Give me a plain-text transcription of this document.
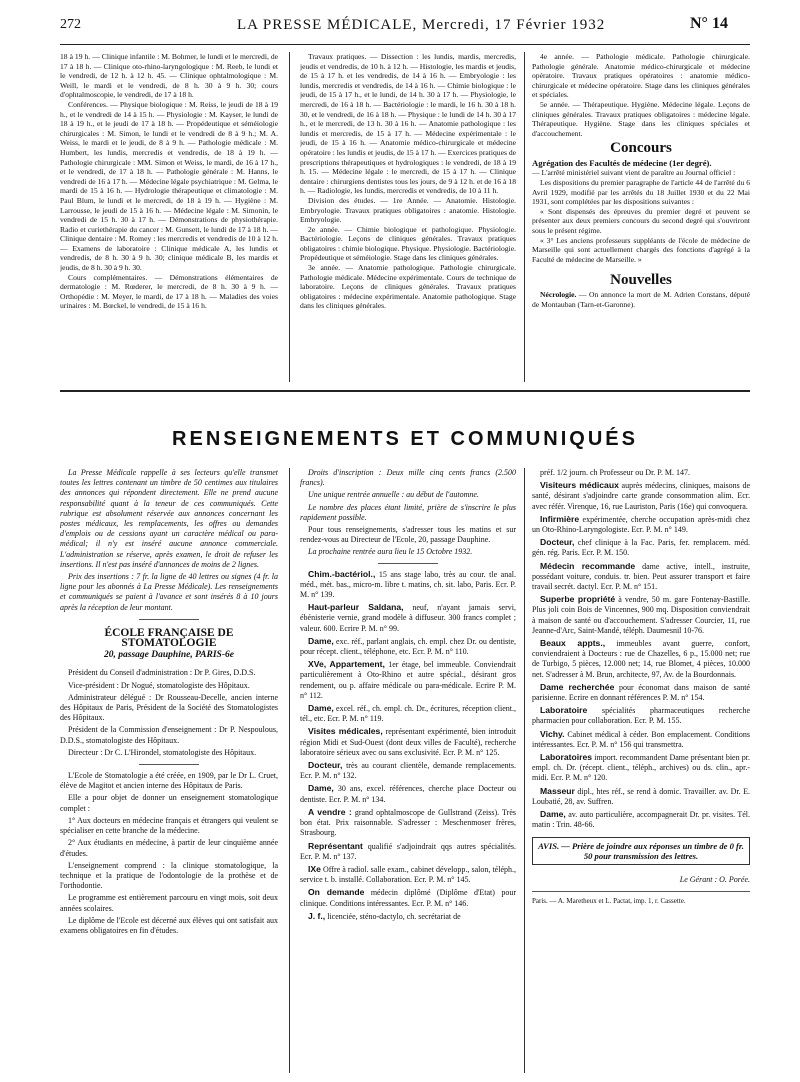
272	LA PRESSE MÉDICALE, Mercredi, 17 Février 1932	N° 14

18 à 19 h. — Clinique infantile : M. Bohmer, le lundi et le mercredi, de 17 à 18 h. — Clinique oto-rhino-laryngologique : M. Reeb, le lundi et le vendredi, de 12 h. à 12 h. 45. — Clinique ophtalmologique : M. Weill, le mardi et le vendredi, de 8 h. 30 à 9 h. 30; cours d'ophtalmoscopie, le vendredi, de 17 à 18 h.

Conférences. — Physique biologique : M. Reiss, le jeudi de 18 à 19 h., et le vendredi de 14 à 15 h. — Physiologie : M. Kayser, le lundi de 18 à 19 h., et le jeudi de 17 à 18 h. — Propédeutique et séméiologie chirurgicales : M. Simon, le lundi et le vendredi de 8 à 9 h.; M. A. Weiss, le mardi et le jeudi, de 8 à 9 h. — Pathologie médicale : M. Humbert, les lundis, mercredis et vendredis, de 18 à 19 h. — Pathologie chirurgicale : MM. Simon et Weiss, le mardi, de 16 à 17 h., et le vendredi, de 17 à 18 h. — Pathologie générale : M. Hanns, le vendredi de 16 à 17 h. — Médecine légale psychiatrique : M. Gelma, le mardi de 15 à 16 h. — Hydrologie thérapeutique et climatologie : M. Paul Blum, le lundi et le mercredi, de 18 à 19 h. — Hygiène : M. Larrousse, le jeudi de 15 à 16 h. — Médecine légale : M. Simonin, le vendredi de 15 h. 30 à 17 h. — Démonstrations de physiothérapie. Radio et curiethérapie du cancer : M. Gunsett, le lundi de 17 à 18 h. — Clinique dentaire : M. Romey : les mercredis et vendredis de 10 à 12 h. — Examens de laboratoire : Clinique médicale A, les lundis et vendredis, de 8 h. 30 à 9 h. 30; clinique médicale B, les mardis et jeudis, de 8 h. 30 à 9 h. 30.

Cours complémentaires. — Démonstrations élémentaires de dermatologie : M. Rœderer, le mercredi, de 8 h. 30 à 9 h. — Orthopédie : M. Meyer, le mardi, de 17 à 18 h. — Maladies des voies urinaires : M. Bœckel, le vendredi, de 15 à 16 h.

Travaux pratiques. — Dissection : les lundis, mardis, mercredis, jeudis et vendredis, de 10 h. à 12 h. — Histologie, les mardis et jeudis, de 15 à 17 h. et les vendredis, de 14 à 16 h. — Embryologie : les lundis, mercredis et vendredis, de 14 à 16 h. — Chimie biologique : le jeudi, de 15 à 17 h., et le lundi, de 14 h. 30 à 17 h. — Physiologie, le mercredi, de 16 à 18 h. — Bactériologie : le mardi, le 16 h. 30 à 18 h. 30, et le vendredi, de 16 à 18 h. — Physique : le lundi de 14 h. 30 à 17 h., et le mercredi, de 13 h. 30 à 16 h. — Anatomie pathologique : les lundis et mercredis, de 15 à 17 h. — Médecine expérimentale : le jeudi, de 15 à 16 h. — Anatomie médico-chirurgicale et médecine opératoire : les lundis et jeudis, de 15 à 17 h. — Exercices pratiques de prescriptions thérapeutiques et hydrologiques : le vendredi, de 18 à 19 h. 15. — Médecine légale : le mercredi, de 15 à 17 h. — Clinique dentaire : chirurgiens dentistes tous les jours, de 9 à 12 h. et de 16 à 18 h. — Radiologie, les lundis, mercredis et vendredis, de 10 à 11 h.

Division des études. — 1re Année. — Anatomie. Histologie. Embryologie. Travaux pratiques obligatoires : anatomie. Histologie. Embryologie.

2e année. — Chimie biologique et pathologique. Physiologie. Bactériologie. Leçons de cliniques générales. Travaux pratiques obligatoires : chimie biologique. Physique. Physiologie. Bactériologie. Propédeutique et séméiologie. Stage dans les cliniques générales.

3e année. — Anatomie pathologique. Pathologie chirurgicale. Pathologie médicale. Médecine expérimentale. Cours de technique de laboratoire. Leçons de cliniques générales. Travaux pratiques obligatoires : médecine expérimentale. Anatomie pathologique. Stage dans les cliniques générales.

4e année. — Pathologie médicale. Pathologie chirurgicale. Pathologie générale. Anatomie médico-chirurgicale et médecine opératoire. Travaux pratiques opératoires : anatomie médico-chirurgicale et médecine opératoire. Stage dans les cliniques générales et spéciales.

5e année. — Thérapeutique. Hygiène. Médecine légale. Leçons de cliniques générales. Travaux pratiques obligatoires : médecine légale. Thérapeutique. Hygiène. Stage dans les cliniques spéciales et d'accouchement.

Concours

Agrégation des Facultés de médecine (1er degré).

— L'arrêté ministériel suivant vient de paraître au Journal officiel :

Les dispositions du premier paragraphe de l'article 44 de l'arrêté du 6 Avril 1929, modifié par les arrêtés du 18 Juillet 1930 et du 22 Mai 1931, sont complétées par les dispositions suivantes :

« Sont dispensés des épreuves du premier degré et peuvent se présenter aux deux premiers concours du second degré qui s'ouvriront sous le présent régime.

« 3° Les anciens professeurs suppléants de l'école de médecine de Marseille qui sont actuellement chargés des fonctions d'agrégé à la Faculté de médecine de Marseille. »

Nouvelles

Nécrologie. — On annonce la mort de M. Adrien Constans, député de Montauban (Tarn-et-Garonne).

RENSEIGNEMENTS ET COMMUNIQUÉS

La Presse Médicale rappelle à ses lecteurs qu'elle transmet toutes les lettres contenant un timbre de 50 centimes aux titulaires des annonces qui répondent directement. Elle ne prend aucune responsabilité quant à la teneur de ces communiqués. Cette rubrique est absolument réservée aux annonces concernant les postes médicaux, les remplacements, les offres ou demandes d'emplois ou de cessions ayant un caractère médical ou para-médical; il n'y est inséré aucune annonce commerciale. L'administration se réserve, après examen, le droit de refuser les insertions. Il n'est pas inséré d'annonces de moins de 2 lignes.

Prix des insertions : 7 fr. la ligne de 40 lettres ou signes (4 fr. la ligne pour les abonnés à La Presse Médicale). Les renseignements et communiqués se paient à l'avance et sont insérés 8 à 10 jours après la réception de leur montant.

ÉCOLE FRANÇAISE DE STOMATOLOGIE
20, passage Dauphine, PARIS-6e

Président du Conseil d'administration : Dr P. Gires, D.D.S.

Vice-président : Dr Nogué, stomatologiste des Hôpitaux.

Administrateur délégué : Dr Rousseau-Decelle, ancien interne des Hôpitaux de Paris, Président de la Société des Stomatologistes des Hôpitaux.

Président de la Commission d'enseignement : Dr P. Nespoulous, D.D.S., stomatologiste des Hôpitaux.

Directeur : Dr C. L'Hirondel, stomatologiste des Hôpitaux.

L'Ecole de Stomatologie a été créée, en 1909, par le Dr L. Cruet, élève de Magitot et ancien interne des Hôpitaux de Paris.

Elle a pour objet de donner un enseignement stomatologique complet :

1° Aux docteurs en médecine français et étrangers qui veulent se spécialiser en cette branche de la médecine.

2° Aux étudiants en médecine, à partir de leur cinquième année d'études.

L'enseignement comprend : la clinique stomatologique, la technique et la pratique de l'odontologie de la prothèse et de l'orthodontie.

Le programme est entièrement parcouru en vingt mois, soit deux années scolaires.

Le diplôme de l'Ecole est décerné aux élèves qui ont satisfait aux examens obligatoires en fin d'études.

Droits d'inscription : Deux mille cinq cents francs (2.500 francs).

Une unique rentrée annuelle : au début de l'automne.

Le nombre des places étant limité, prière de s'inscrire le plus rapidement possible.

Pour tous renseignements, s'adresser tous les matins et sur rendez-vous au Directeur de l'Ecole, 20, passage Dauphine.

La prochaine rentrée aura lieu le 15 Octobre 1932.

Chim.-bactériol., 15 ans stage labo, très au cour. tle anal. méd., mét. bas., micro-m. libre t. matins, ch. sit. labo, Paris. Ecr. P. M. n° 139.

Haut-parleur Saldana, neuf, n'ayant jamais servi, ébénisterie vernie, grand modèle à diffuseur. 300 francs complet ; valeur. 600. Ecrire P. M. n° 99.

Dame, exc. réf., parlant anglais, ch. empl. chez Dr. ou dentiste, pour récept. client., téléphone, etc. Ecr. P. M. n° 110.

XVe, Appartement, 1er étage, bel immeuble. Conviendrait particulièrement à Oto-Rhino et autre spécial., désirant gros rendement, ou p. affaire médicale ou para-médicale. Ecrire P. M. n° 112.

Dame, excel. réf., ch. empl. ch. Dr., écritures, réception client., tél., etc. Ecr. P. M. n° 119.

Visites médicales, représentant expérimenté, bien introduit région Midi et Sud-Ouest (dont deux villes de Faculté), recherche laboratoire sérieux avec ou sans exclusivité. Ecr. P. M. n° 125.

Docteur, très au courant clientèle, demande remplacements. Ecr. P. M. n° 132.

Dame, 30 ans, excel. références, cherche place Docteur ou dentiste. Ecr. P. M. n° 134.

A vendre : grand ophtalmoscope de Gullstrand (Zeiss). Très bon état. Prix raisonnable. S'adresser : Meschenmoser frères, Strasbourg.

Représentant qualifié s'adjoindrait qqs autres spécialités. Ecr. P. M. n° 137.

IXe Offre à radiol. salle exam., cabinet développ., salon, téléph., service t. b. installé. Collaboration. Ecr. P. M. n° 145.

On demande médecin diplômé (Diplôme d'Etat) pour clinique. Conditions intéressantes. Ecr. P. M. n° 146.

J. f., licenciée, sténo-dactylo, ch. secrétariat de

préf. 1/2 journ. ch Professeur ou Dr. P. M. 147.

Visiteurs médicaux auprès médecins, cliniques, maisons de santé, désirant s'adjoindre carte grande consommation alim. Ecr. avec référ. Virenque, 16, rue Lauriston, Paris (16e) qui convoquera.

Infirmière expérimentée, cherche occupation après-midi chez un Oto-Rhino-Laryngologiste. Ecr. P. M. n° 149.

Docteur, chef clinique à la Fac. Paris, fer. remplacem. méd. gén. rég. Paris. Ecr. P. M. 150.

Médecin recommande dame active, intell., instruite, possédant voiture, conduis. tr. bien. Peut assurer transport et faire travail secrét. dactyl. Ecr. P. M. n° 151.

Superbe propriété à vendre, 50 m. gare Fontenay-Bastille. Plus joli coin Bois de Vincennes, 900 mq. Disposition conviendrait à maison de santé ou d'accouchement. S'adresser Courcier, 11, rue Jeanne-d'Arc, Saint-Mandé, téléph. Daumesnil 10-76.

Beaux appts., immeubles avant guerre, confort, conviendraient à Docteurs : rue de Chazelles, 6 p., 15.000 net; rue de Turbigo, 5 pièces, 12.000 net; 14, rue Blomet, 4 pièces, 10.000 net. S'adresser à M. Brun, architecte, 97, Av. de la Bourdonnais.

Dame recherchée pour économat dans maison de santé parisienne. Ecrire en donnant références P. M. n° 154.

Laboratoire spécialités pharmaceutiques recherche pharmacien pour collaboration. Ecr. P. M. 155.

Vichy. Cabinet médical à céder. Bon emplacement. Conditions intéressantes. Ecr. P. M. n° 156 qui transmettra.

Laboratoires import. recommandent Dame présentant bien pr. empl. ch. Dr. (récept. client., téléph., archives) ou ds. clin., apr.-midi. Ecr. P. M. n° 120.

Masseur dipl., htes réf., se rend à domic. Travailler. av. Dr. E. Loubatié, 28, av. Suffren.

Dame, av. auto particulière, accompagnerait Dr. pr. visites. Tél. matin : Trin. 48-66.

AVIS. — Prière de joindre aux réponses un timbre de 0 fr. 50 pour transmission des lettres.
Le Gérant : O. Porée.
Paris. — A. Maretheux et L. Pactat, imp. 1, r. Cassette.
